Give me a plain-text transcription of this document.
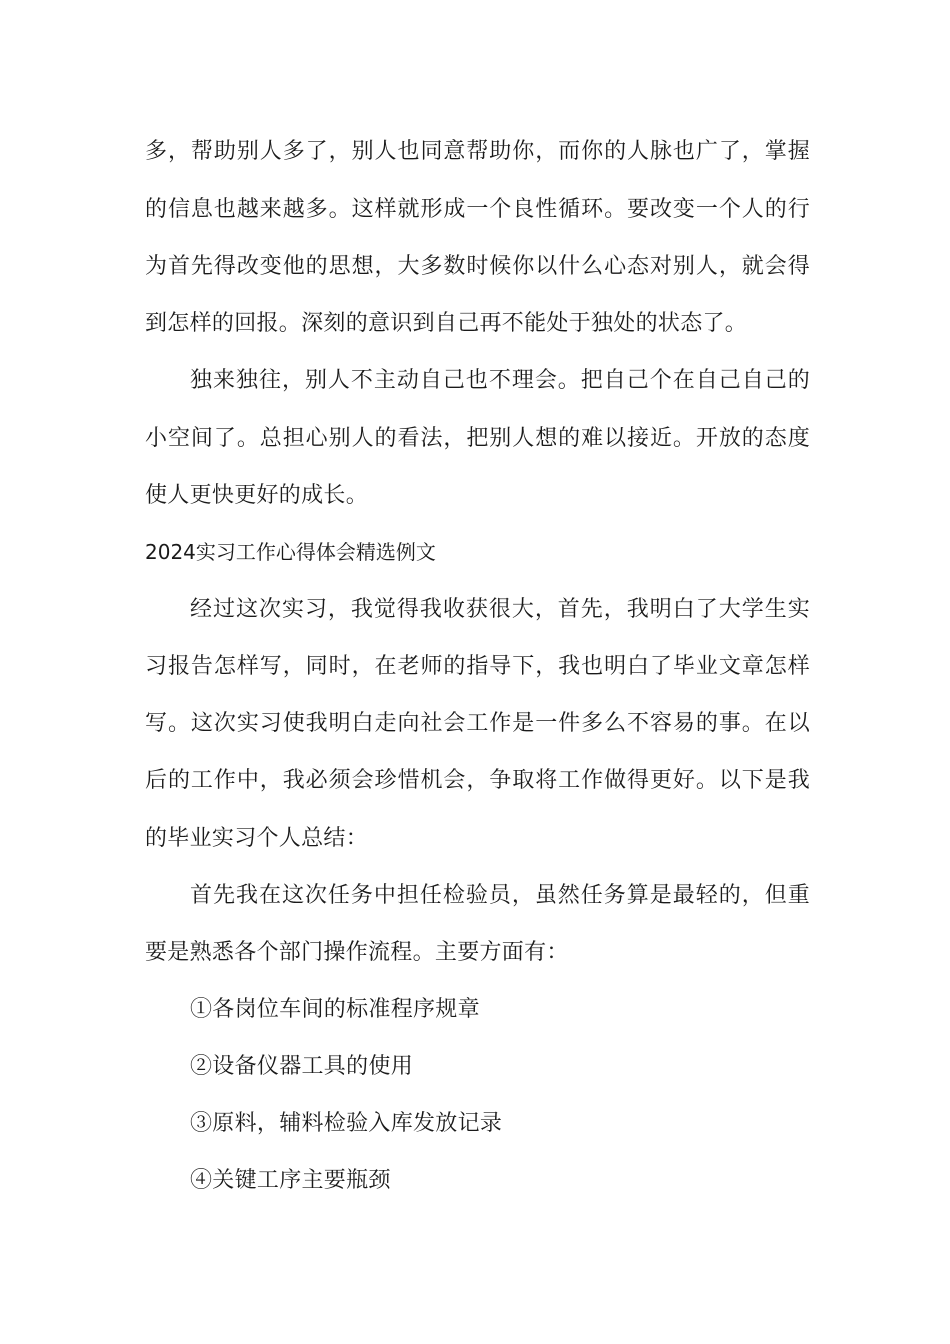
多，帮助别人多了，别人也同意帮助你，而你的人脉也广了，掌握
的信息也越来越多。这样就形成一个良性循环。要改变一个人的行
为首先得改变他的思想，大多数时候你以什么心态对别人，就会得
到怎样的回报。深刻的意识到自己再不能处于独处的状态了。
独来独往，别人不主动自己也不理会。把自己个在自己自己的
小空间了。总担心别人的看法，把别人想的难以接近。开放的态度
使人更快更好的成长。
2024实习工作心得体会精选例文
经过这次实习，我觉得我收获很大，首先，我明白了大学生实
习报告怎样写，同时，在老师的指导下，我也明白了毕业文章怎样
写。这次实习使我明白走向社会工作是一件多么不容易的事。在以
后的工作中，我必须会珍惜机会，争取将工作做得更好。以下是我
的毕业实习个人总结：
首先我在这次任务中担任检验员，虽然任务算是最轻的，但重
要是熟悉各个部门操作流程。主要方面有：
①各岗位车间的标准程序规章
②设备仪器工具的使用
③原料，辅料检验入库发放记录
④关键工序主要瓶颈
